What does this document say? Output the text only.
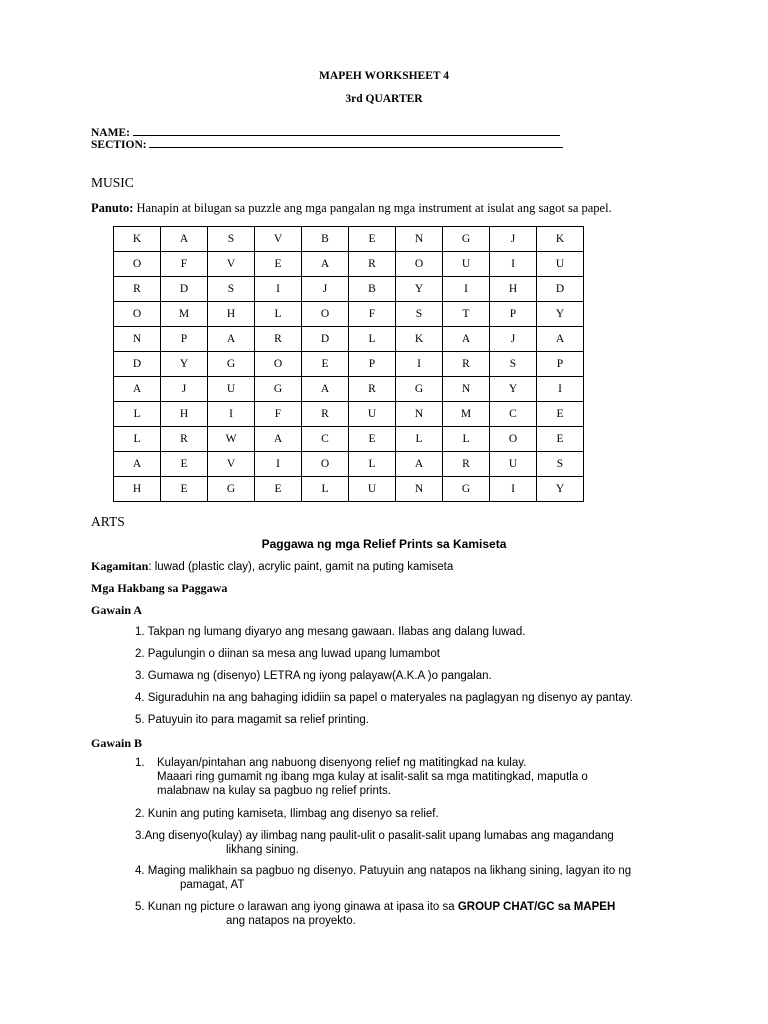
MAPEH WORKSHEET 4
3rd QUARTER
NAME:
SECTION:
MUSIC
Panuto: Hanapin at bilugan sa puzzle ang mga pangalan ng mga instrument at isulat ang sagot sa papel.
K	A	S	V	B	E	N	G	J	K
O	F	V	E	A	R	O	U	I	U
R	D	S	I	J	B	Y	I	H	D
O	M	H	L	O	F	S	T	P	Y
N	P	A	R	D	L	K	A	J	A
D	Y	G	O	E	P	I	R	S	P
A	J	U	G	A	R	G	N	Y	I
L	H	I	F	R	U	N	M	C	E
L	R	W	A	C	E	L	L	O	E
A	E	V	I	O	L	A	R	U	S
H	E	G	E	L	U	N	G	I	Y
ARTS
Paggawa ng mga Relief Prints sa Kamiseta
Kagamitan: luwad (plastic clay), acrylic paint, gamit na puting kamiseta
Mga Hakbang sa Paggawa
Gawain A
1. Takpan ng lumang diyaryo ang mesang gawaan. Ilabas ang dalang luwad.
2. Pagulungin o diinan sa mesa ang luwad upang lumambot
3. Gumawa ng (disenyo) LETRA ng iyong palayaw(A.K.A )o pangalan.
4. Siguraduhin na ang bahaging ididiin sa papel o materyales na paglagyan ng disenyo ay pantay.
5. Patuyuin ito para magamit sa relief printing.
Gawain B
1. Kulayan/pintahan ang nabuong disenyong relief ng matitingkad na kulay.
Maaari ring gumamit ng ibang mga kulay at isalit-salit sa mga matitingkad, maputla o
malabnaw na kulay sa pagbuo ng relief prints.
2. Kunin ang puting kamiseta, Ilimbag ang disenyo sa relief.
3.Ang disenyo(kulay) ay ilimbag nang paulit-ulit o pasalit-salit upang lumabas ang magandang
likhang sining.
4. Maging malikhain sa pagbuo ng disenyo. Patuyuin ang natapos na likhang sining, lagyan ito ng
pamagat, AT
5. Kunan ng picture o larawan ang iyong ginawa at ipasa ito sa GROUP CHAT/GC sa MAPEH
ang natapos na proyekto.
